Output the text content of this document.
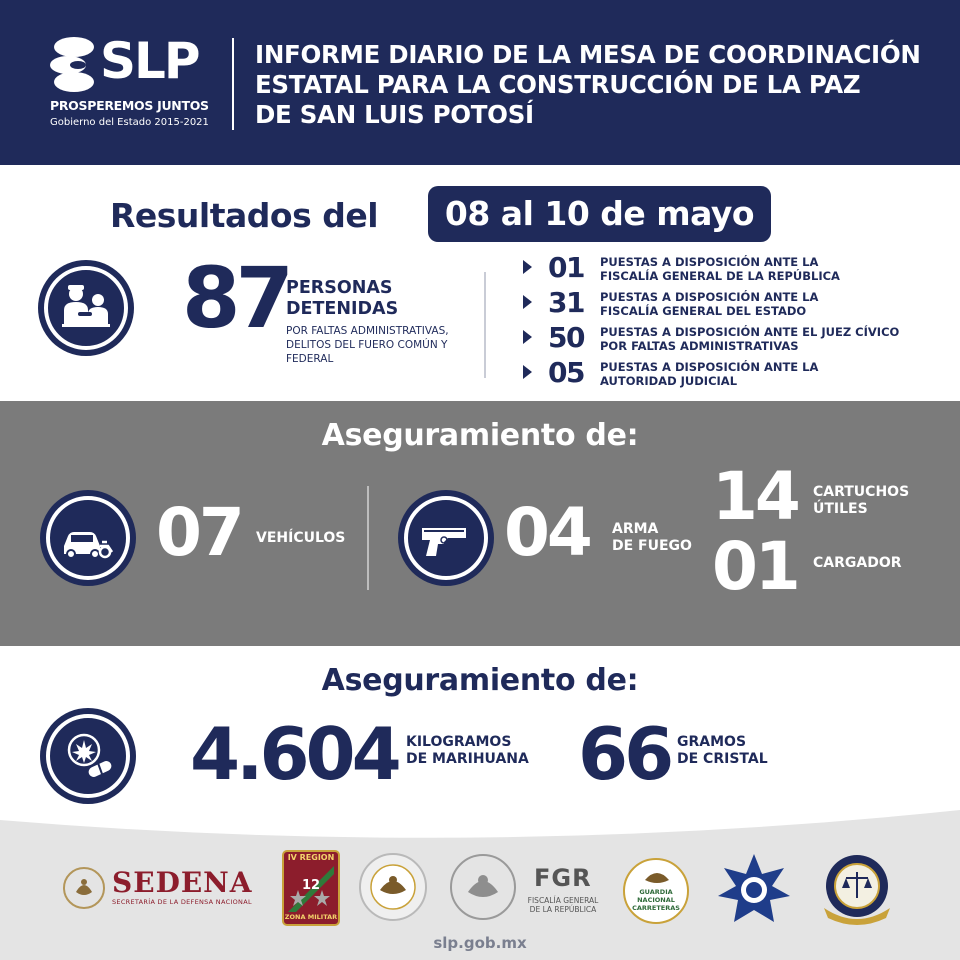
SLP
PROSPEREMOS JUNTOS
Gobierno del Estado 2015-2021
INFORME DIARIO DE LA MESA DE COORDINACIÓN
ESTATAL PARA LA CONSTRUCCIÓN DE LA PAZ
DE SAN LUIS POTOSÍ
Resultados del	08 al 10 de mayo
87
PERSONAS
DETENIDAS
POR FALTAS ADMINISTRATIVAS, DELITOS DEL FUERO COMÚN Y FEDERAL
01 PUESTAS A DISPOSICIÓN ANTE LA
FISCALÍA GENERAL DE LA REPÚBLICA
31 PUESTAS A DISPOSICIÓN ANTE LA
FISCALÍA GENERAL DEL ESTADO
50 PUESTAS A DISPOSICIÓN ANTE EL JUEZ CÍVICO
POR FALTAS ADMINISTRATIVAS
05 PUESTAS A DISPOSICIÓN ANTE LA
AUTORIDAD JUDICIAL
Aseguramiento de:
07 VEHÍCULOS 04 ARMA
DE FUEGO
14 CARTUCHOS
ÚTILES
01 CARGADOR
Aseguramiento de:
4.604 KILOGRAMOS
DE MARIHUANA 66 GRAMOS
DE CRISTAL
SEDENA
SECRETARÍA DE LA DEFENSA NACIONAL
IV REGION
12
ZONA MILITAR
FGR
FISCALÍA GENERAL
DE LA REPÚBLICA
GUARDIA
NACIONAL
CARRETERAS
slp.gob.mx
